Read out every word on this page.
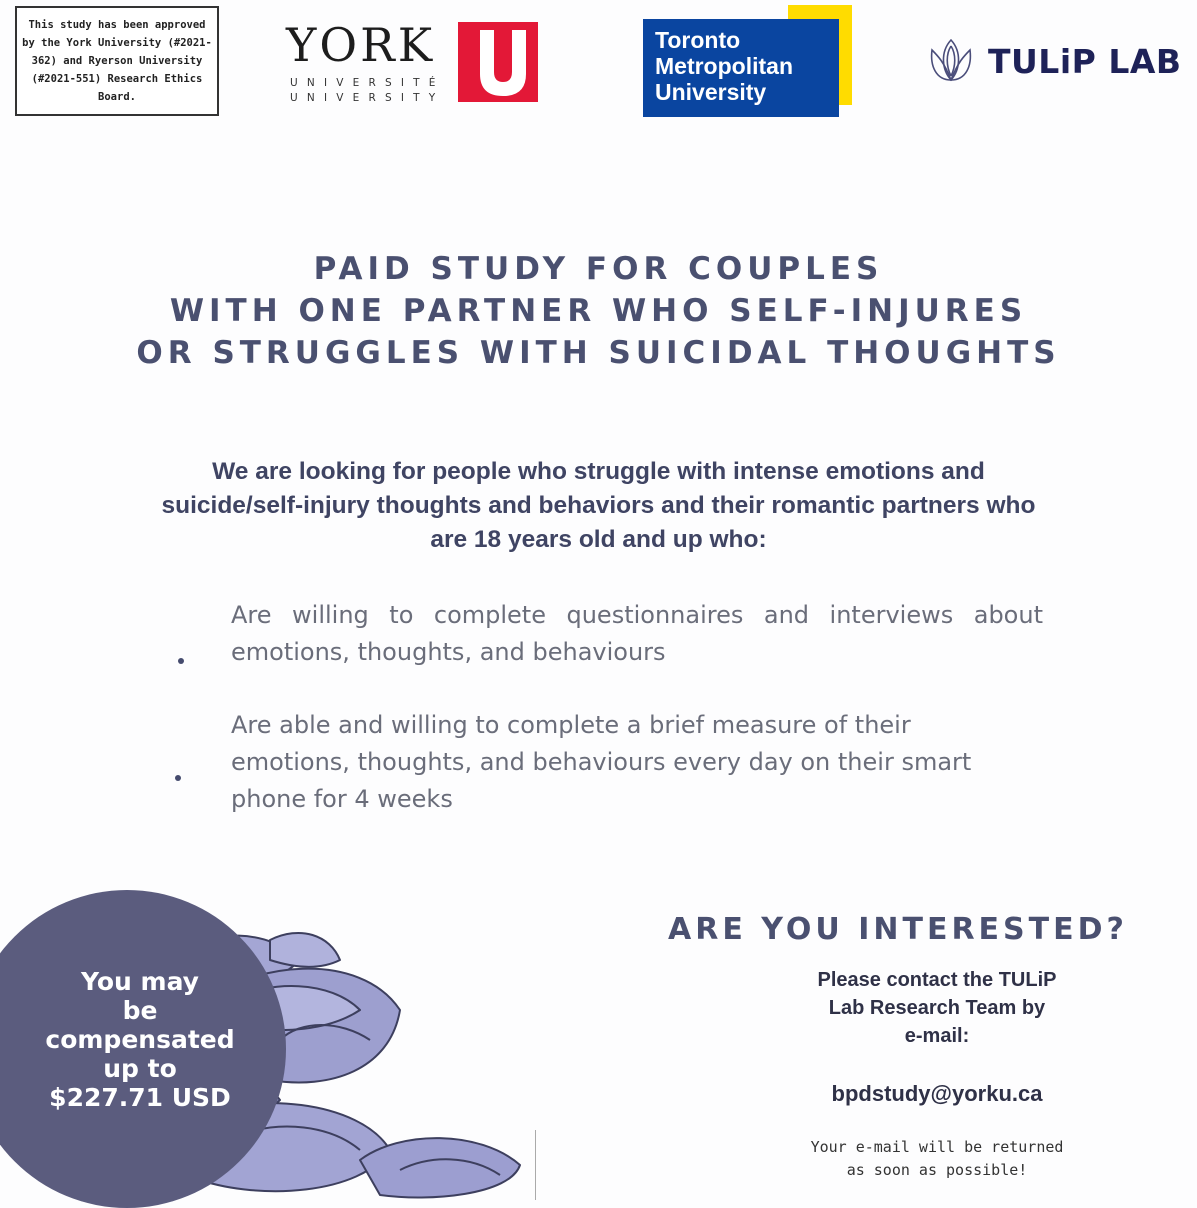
This study has been approved
by the York University (#2021-
362) and Ryerson University
(#2021-551) Research Ethics
Board.
YORK
UNIVERSITÉ
UNIVERSITY
Toronto
Metropolitan
University
TULiP LAB
PAID STUDY FOR COUPLES
WITH ONE PARTNER WHO SELF-INJURES
OR STRUGGLES WITH SUICIDAL THOUGHTS
We are looking for people who struggle with intense emotions and
suicide/self-injury thoughts and behaviors and their romantic partners who
are 18 years old and up who:
Are willing to complete questionnaires and interviews about
emotions, thoughts, and behaviours
Are able and willing to complete a brief measure of their
emotions, thoughts, and behaviours every day on their smart
phone for 4 weeks
You may
be
compensated
up to
$227.71 USD
ARE YOU INTERESTED?
Please contact the TULiP
Lab Research Team by
e-mail:
bpdstudy@yorku.ca
Your e-mail will be returned
as soon as possible!
